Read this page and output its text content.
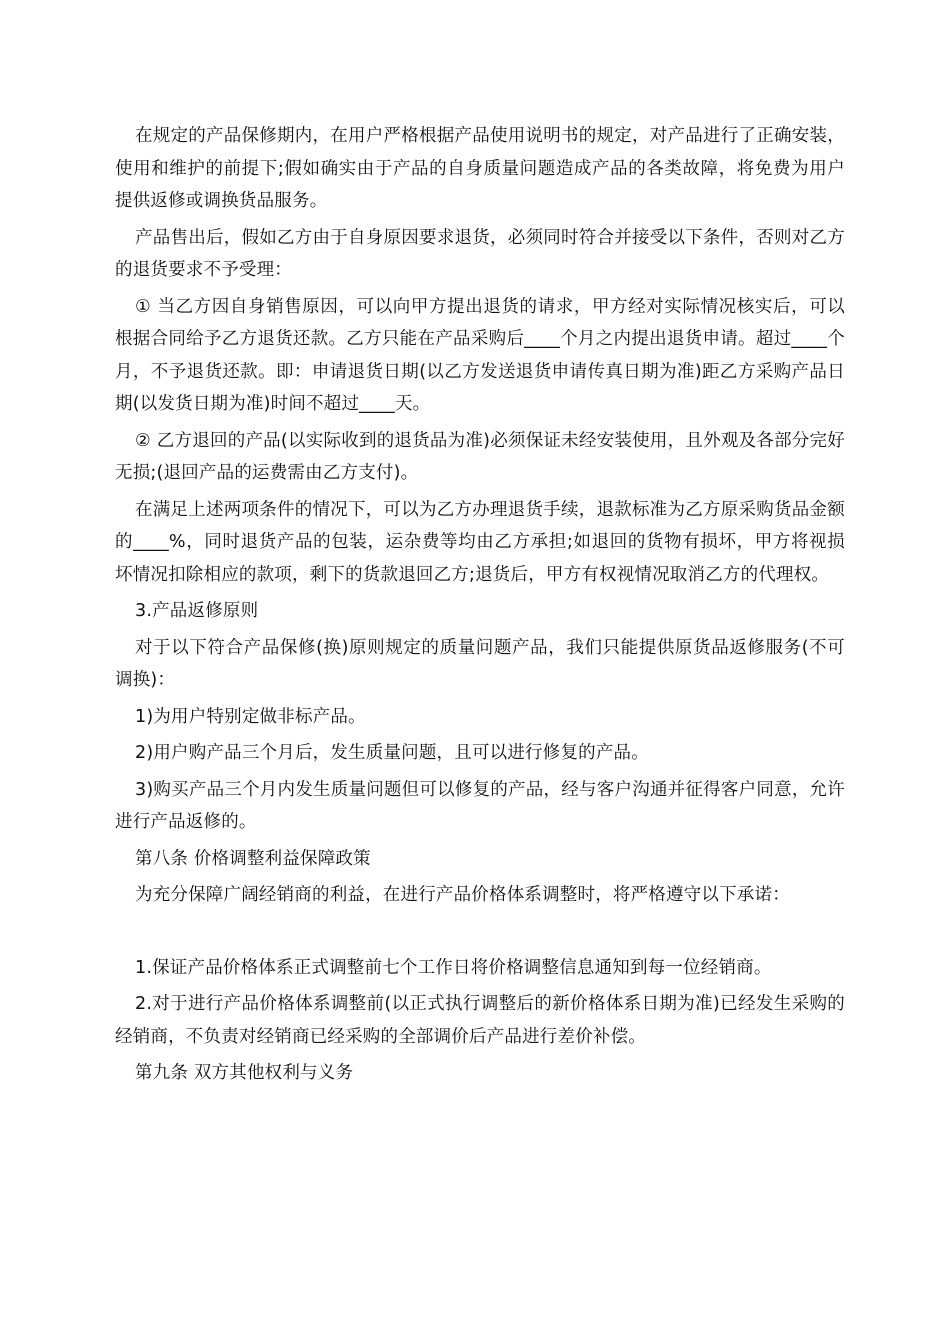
在规定的产品保修期内，在用户严格根据产品使用说明书的规定，对产品进行了正确安装，使用和维护的前提下;假如确实由于产品的自身质量问题造成产品的各类故障，将免费为用户提供返修或调换货品服务。

产品售出后，假如乙方由于自身原因要求退货，必须同时符合并接受以下条件，否则对乙方的退货要求不予受理：

① 当乙方因自身销售原因，可以向甲方提出退货的请求，甲方经对实际情况核实后，可以根据合同给予乙方退货还款。乙方只能在产品采购后____个月之内提出退货申请。超过____个月，不予退货还款。即：申请退货日期(以乙方发送退货申请传真日期为准)距乙方采购产品日期(以发货日期为准)时间不超过____天。

② 乙方退回的产品(以实际收到的退货品为准)必须保证未经安装使用，且外观及各部分完好无损;(退回产品的运费需由乙方支付)。

在满足上述两项条件的情况下，可以为乙方办理退货手续，退款标准为乙方原采购货品金额的____%，同时退货产品的包装，运杂费等均由乙方承担;如退回的货物有损坏，甲方将视损坏情况扣除相应的款项，剩下的货款退回乙方;退货后，甲方有权视情况取消乙方的代理权。

3.产品返修原则

对于以下符合产品保修(换)原则规定的质量问题产品，我们只能提供原货品返修服务(不可调换)：

1)为用户特别定做非标产品。

2)用户购产品三个月后，发生质量问题，且可以进行修复的产品。

3)购买产品三个月内发生质量问题但可以修复的产品，经与客户沟通并征得客户同意，允许进行产品返修的。

第八条 价格调整利益保障政策

为充分保障广阔经销商的利益，在进行产品价格体系调整时，将严格遵守以下承诺：

1.保证产品价格体系正式调整前七个工作日将价格调整信息通知到每一位经销商。

2.对于进行产品价格体系调整前(以正式执行调整后的新价格体系日期为准)已经发生采购的经销商，不负责对经销商已经采购的全部调价后产品进行差价补偿。

第九条 双方其他权利与义务
